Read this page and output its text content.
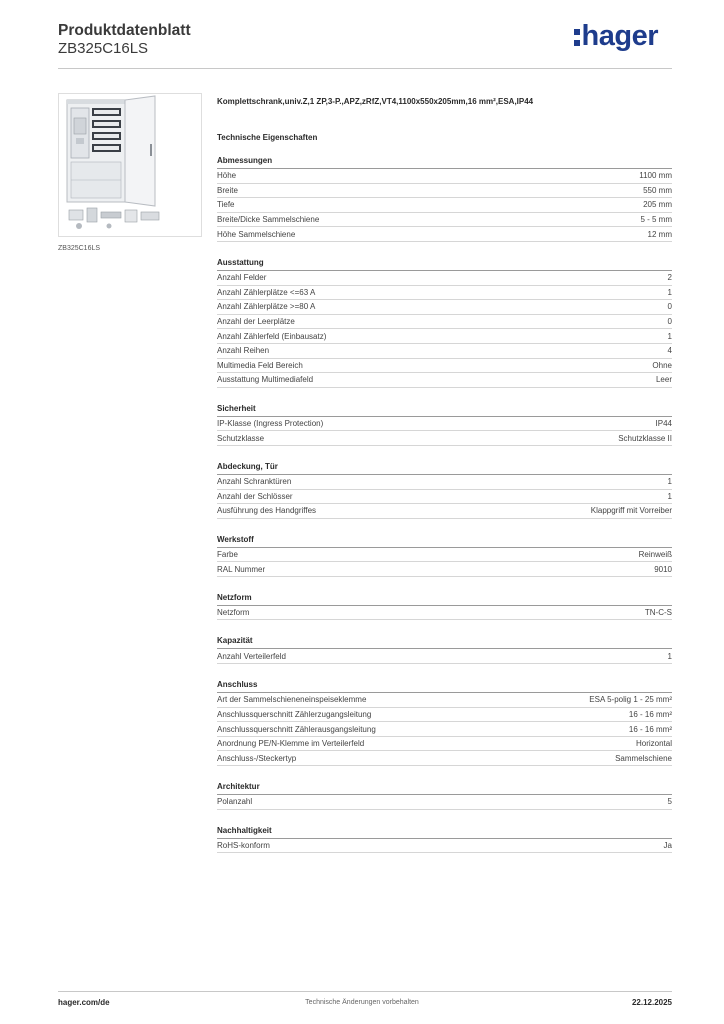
Produktdatenblatt
ZB325C16LS	hager
ZB325C16LS
Komplettschrank,univ.Z,1 ZP,3-P.,APZ,zRfZ,VT4,1100x550x205mm,16 mm²,ESA,IP44
Technische Eigenschaften
Abmessungen
Höhe	1100 mm
Breite	550 mm
Tiefe	205 mm
Breite/Dicke Sammelschiene	5 - 5 mm
Höhe Sammelschiene	12 mm
Ausstattung
Anzahl Felder	2
Anzahl Zählerplätze <=63 A	1
Anzahl Zählerplätze >=80 A	0
Anzahl der Leerplätze	0
Anzahl Zählerfeld (Einbausatz)	1
Anzahl Reihen	4
Multimedia Feld Bereich	Ohne
Ausstattung Multimediafeld	Leer
Sicherheit
IP-Klasse (Ingress Protection)	IP44
Schutzklasse	Schutzklasse II
Abdeckung, Tür
Anzahl Schranktüren	1
Anzahl der Schlösser	1
Ausführung des Handgriffes	Klappgriff mit Vorreiber
Werkstoff
Farbe	Reinweiß
RAL Nummer	9010
Netzform
Netzform	TN-C-S
Kapazität
Anzahl Verteilerfeld	1
Anschluss
Art der Sammelschieneneinspeiseklemme	ESA 5-polig 1 - 25 mm²
Anschlussquerschnitt Zählerzugangsleitung	16 - 16 mm²
Anschlussquerschnitt Zählerausgangsleitung	16 - 16 mm²
Anordnung PE/N-Klemme im Verteilerfeld	Horizontal
Anschluss-/Steckertyp	Sammelschiene
Architektur
Polanzahl	5
Nachhaltigkeit
RoHS-konform	Ja
hager.com/de	Technische Änderungen vorbehalten	22.12.2025
